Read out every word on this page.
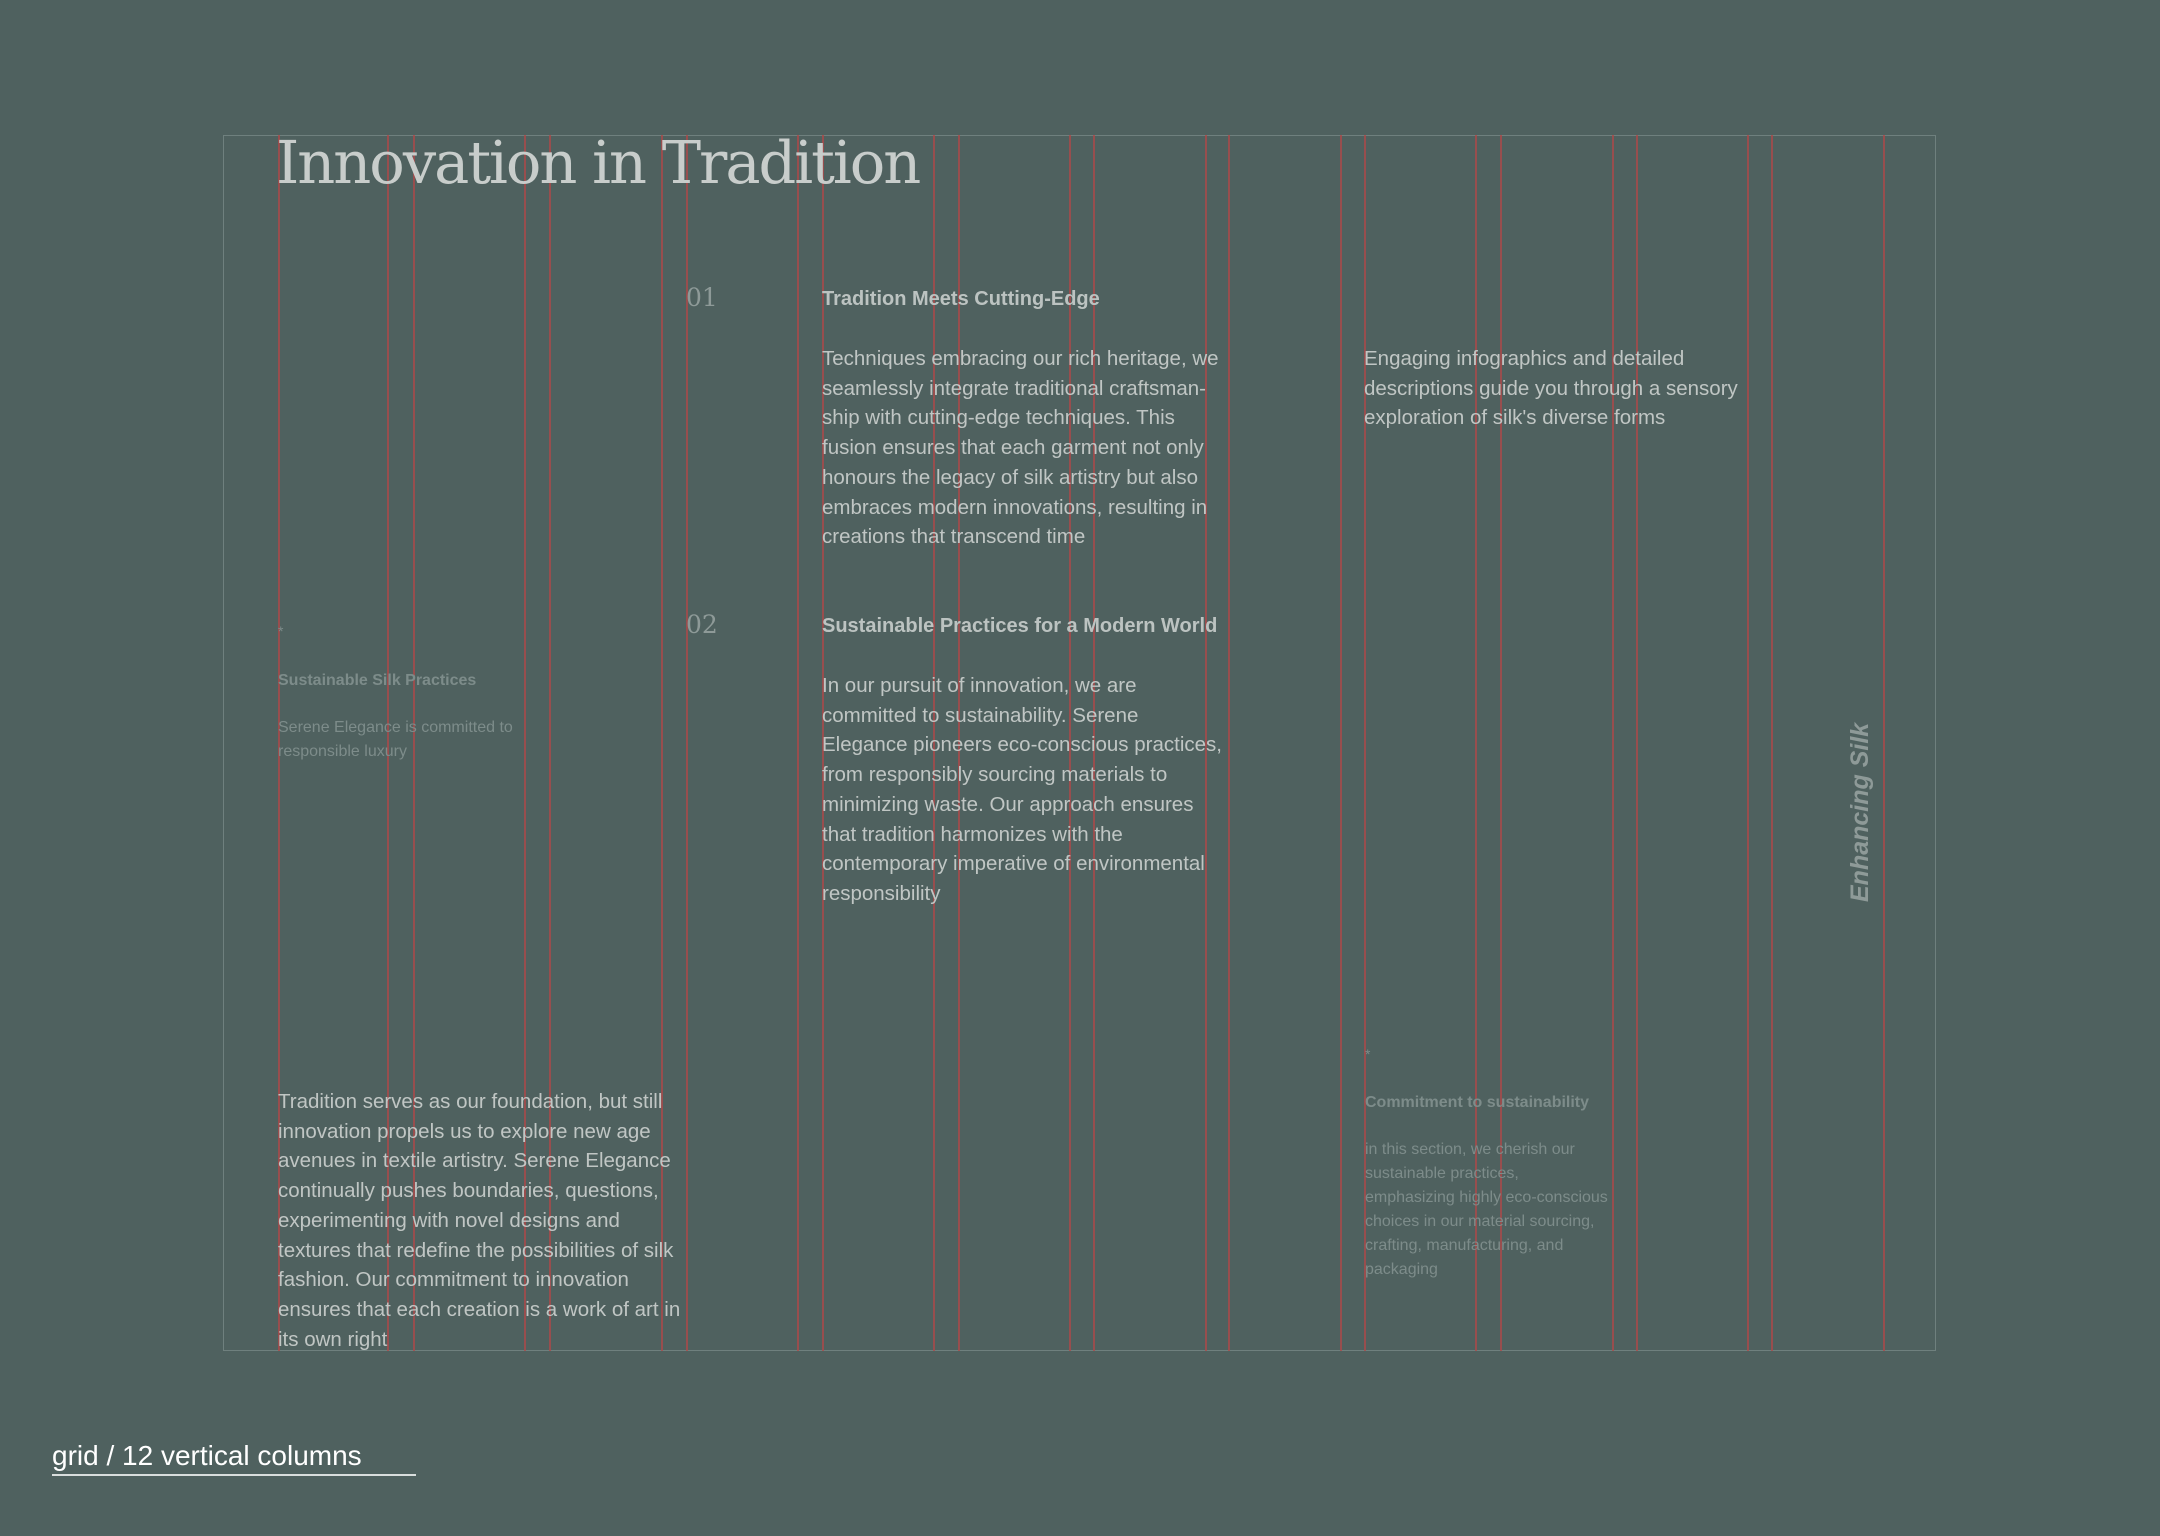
Innovation in Tradition
01	Tradition Meets Cutting-Edge

Techniques embracing our rich heritage, we seamlessly integrate traditional craftsman-ship with cutting-edge techniques. This fusion ensures that each garment not only honours the legacy of silk artistry but also embraces modern innovations, resulting in creations that transcend time

Engaging infographics and detailed descriptions guide you through a sensory exploration of silk's diverse forms

02	Sustainable Practices for a Modern World

In our pursuit of innovation, we are committed to sustainability. Serene Elegance pioneers eco-conscious practices, from responsibly sourcing materials to minimizing waste. Our approach ensures that tradition harmonizes with the contemporary imperative of environmental responsibility

*
Sustainable Silk Practices

Serene Elegance is committed to responsible luxury	Enhancing Silk

Tradition serves as our foundation, but still innovation propels us to explore new age avenues in textile artistry. Serene Elegance continually pushes boundaries, questions, experimenting with novel designs and textures that redefine the possibilities of silk fashion. Our commitment to innovation ensures that each creation is a work of art in its own right

*
Commitment to sustainability

in this section, we cherish our sustainable practices, emphasizing highly eco-conscious choices in our material sourcing, crafting, manufacturing, and packaging

grid / 12 vertical columns
